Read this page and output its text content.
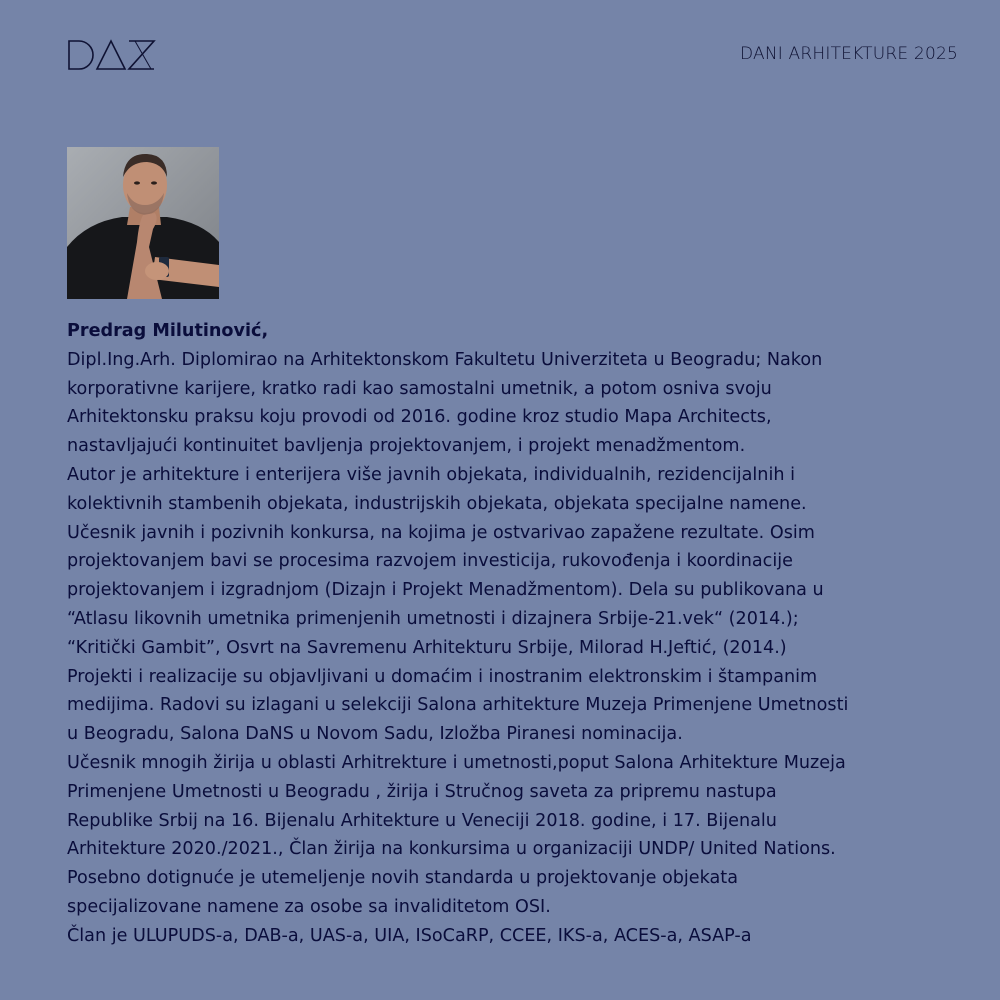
DANI ARHITEKTURE 2025
Predrag Milutinović,
Dipl.Ing.Arh. Diplomirao na Arhitektonskom Fakultetu Univerziteta u Beogradu; Nakon
korporativne karijere, kratko radi kao samostalni umetnik, a potom osniva svoju
Arhitektonsku praksu koju provodi od 2016. godine kroz studio Mapa Architects,
nastavljajući kontinuitet bavljenja projektovanjem, i projekt menadžmentom.
Autor je arhitekture i enterijera više javnih objekata, individualnih, rezidencijalnih i
kolektivnih stambenih objekata, industrijskih objekata, objekata specijalne namene.
Učesnik javnih i pozivnih konkursa, na kojima je ostvarivao zapažene rezultate. Osim
projektovanjem bavi se procesima razvojem investicija, rukovođenja i koordinacije
projektovanjem i izgradnjom (Dizajn i Projekt Menadžmentom). Dela su publikovana u
“Atlasu likovnih umetnika primenjenih umetnosti i dizajnera Srbije-21.vek“ (2014.);
“Kritički Gambit”, Osvrt na Savremenu Arhitekturu Srbije, Milorad H.Jeftić, (2014.)
Projekti i realizacije su objavljivani u domaćim i inostranim elektronskim i štampanim
medijima. Radovi su izlagani u selekciji Salona arhitekture Muzeja Primenjene Umetnosti
u Beogradu, Salona DaNS u Novom Sadu, Izložba Piranesi nominacija.
Učesnik mnogih žirija u oblasti Arhitrekture i umetnosti,poput Salona Arhitekture Muzeja
Primenjene Umetnosti u Beogradu , žirija i Stručnog saveta za pripremu nastupa
Republike Srbij na 16. Bijenalu Arhitekture u Veneciji 2018. godine, i 17. Bijenalu
Arhitekture 2020./2021., Član žirija na konkursima u organizaciji UNDP/ United Nations.
Posebno dotignuće je utemeljenje novih standarda u projektovanje objekata
specijalizovane namene za osobe sa invaliditetom OSI.
Član je ULUPUDS-a, DAB-a, UAS-a, UIA, ISoCaRP, CCEE, IKS-a, ACES-a, ASAP-a
